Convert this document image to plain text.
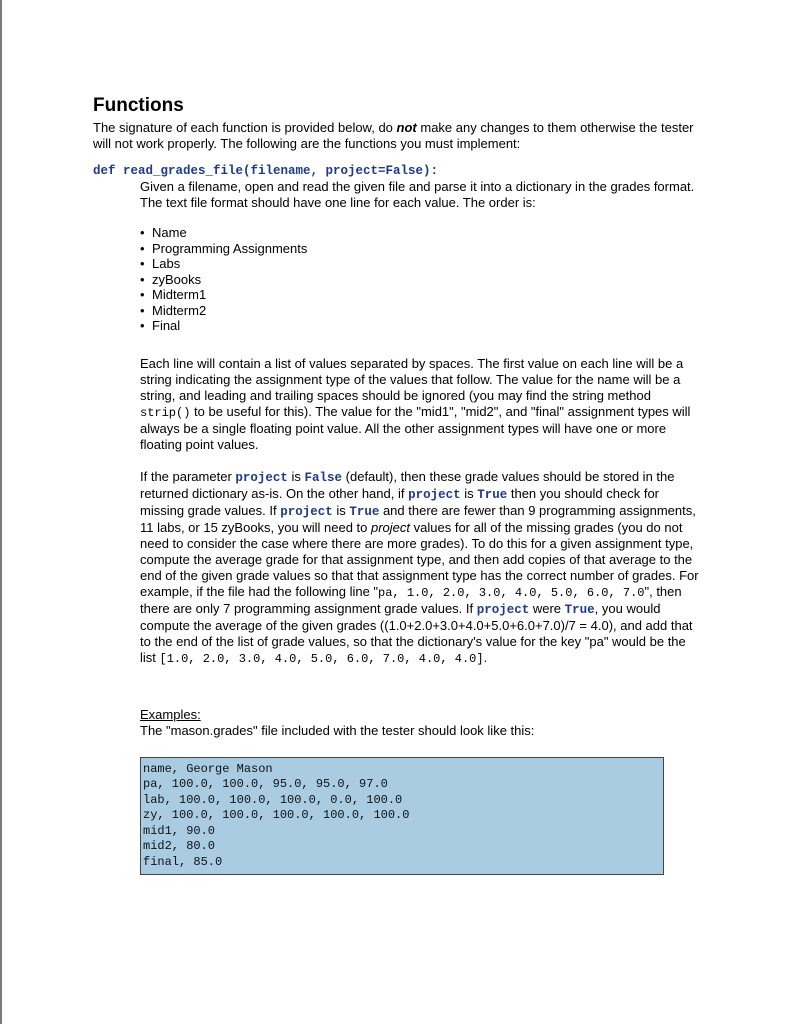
Functions
The signature of each function is provided below, do not make any changes to them otherwise the tester will not work properly. The following are the functions you must implement:
def read_grades_file(filename, project=False):
Given a filename, open and read the given file and parse it into a dictionary in the grades format. The text file format should have one line for each value. The order is:
• Name
• Programming Assignments
• Labs
• zyBooks
• Midterm1
• Midterm2
• Final
Each line will contain a list of values separated by spaces. The first value on each line will be a string indicating the assignment type of the values that follow. The value for the name will be a string, and leading and trailing spaces should be ignored (you may find the string method strip() to be useful for this). The value for the "mid1", "mid2", and "final" assignment types will always be a single floating point value. All the other assignment types will have one or more floating point values.
If the parameter project is False (default), then these grade values should be stored in the returned dictionary as-is. On the other hand, if project is True then you should check for missing grade values. If project is True and there are fewer than 9 programming assignments, 11 labs, or 15 zyBooks, you will need to project values for all of the missing grades (you do not need to consider the case where there are more grades). To do this for a given assignment type, compute the average grade for that assignment type, and then add copies of that average to the end of the given grade values so that that assignment type has the correct number of grades. For example, if the file had the following line "pa, 1.0, 2.0, 3.0, 4.0, 5.0, 6.0, 7.0", then there are only 7 programming assignment grade values. If project were True, you would compute the average of the given grades ((1.0+2.0+3.0+4.0+5.0+6.0+7.0)/7 = 4.0), and add that to the end of the list of grade values, so that the dictionary's value for the key "pa" would be the list [1.0, 2.0, 3.0, 4.0, 5.0, 6.0, 7.0, 4.0, 4.0].
Examples:
The "mason.grades" file included with the tester should look like this:
name, George Mason
pa, 100.0, 100.0, 95.0, 95.0, 97.0
lab, 100.0, 100.0, 100.0, 0.0, 100.0
zy, 100.0, 100.0, 100.0, 100.0, 100.0
mid1, 90.0
mid2, 80.0
final, 85.0
